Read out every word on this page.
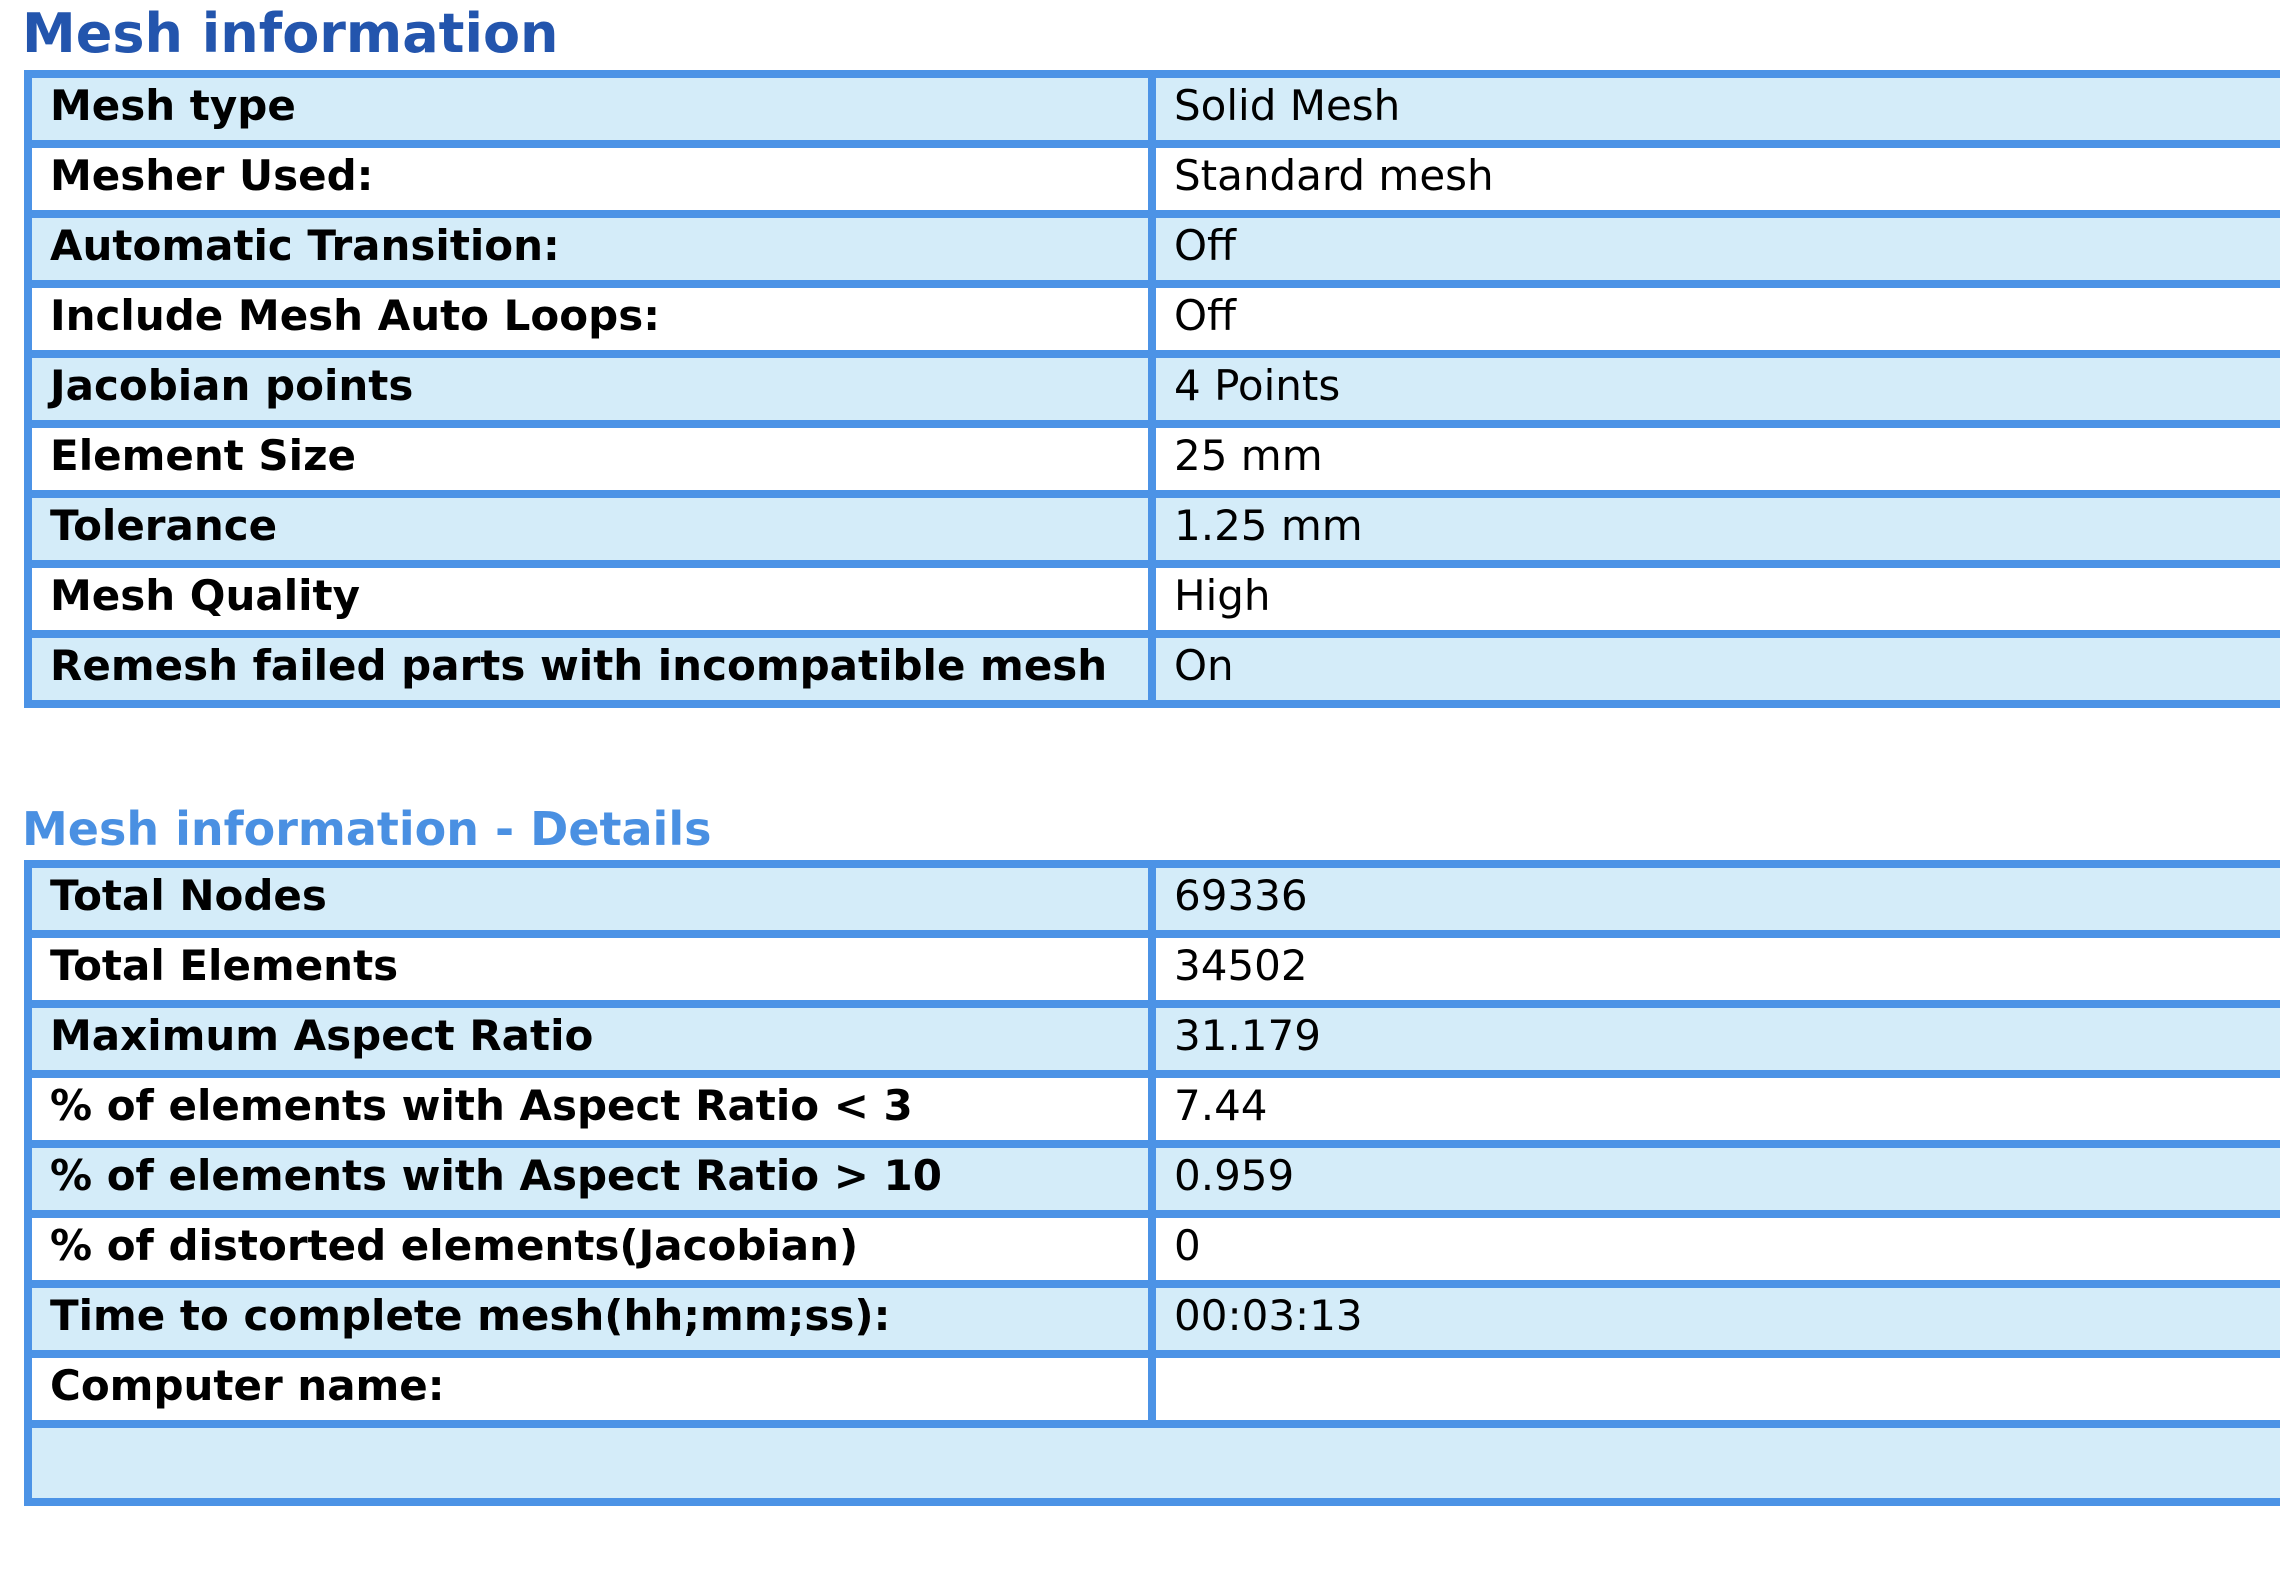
Mesh information
Mesh type	Solid Mesh
Mesher Used:	Standard mesh
Automatic Transition:	Off
Include Mesh Auto Loops:	Off
Jacobian points	4 Points
Element Size	25 mm
Tolerance	1.25 mm
Mesh Quality	High
Remesh failed parts with incompatible mesh	On
Mesh information - Details
Total Nodes	69336
Total Elements	34502
Maximum Aspect Ratio	31.179
% of elements with Aspect Ratio < 3	7.44
% of elements with Aspect Ratio > 10	0.959
% of distorted elements(Jacobian)	0
Time to complete mesh(hh;mm;ss):	00:03:13
Computer name:	
